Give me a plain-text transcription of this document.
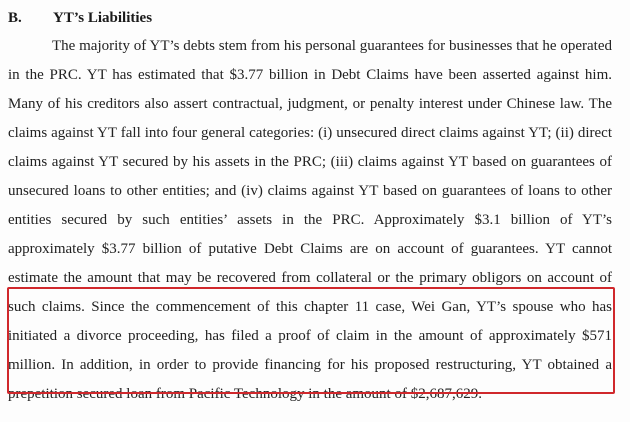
B. YT’s Liabilities
The majority of YT’s debts stem from his personal guarantees for businesses that he operated
in the PRC. YT has estimated that $3.77 billion in Debt Claims have been asserted against him.
Many of his creditors also assert contractual, judgment, or penalty interest under Chinese law. The
claims against YT fall into four general categories: (i) unsecured direct claims against YT; (ii) direct
claims against YT secured by his assets in the PRC; (iii) claims against YT based on guarantees of
unsecured loans to other entities; and (iv) claims against YT based on guarantees of loans to other
entities secured by such entities’ assets in the PRC. Approximately $3.1 billion of YT’s
approximately $3.77 billion of putative Debt Claims are on account of guarantees. YT cannot
estimate the amount that may be recovered from collateral or the primary obligors on account of
such claims. Since the commencement of this chapter 11 case, Wei Gan, YT’s spouse who has
initiated a divorce proceeding, has filed a proof of claim in the amount of approximately $571
million. In addition, in order to provide financing for his proposed restructuring, YT obtained a
prepetition secured loan from Pacific Technology in the amount of $2,687,629.
